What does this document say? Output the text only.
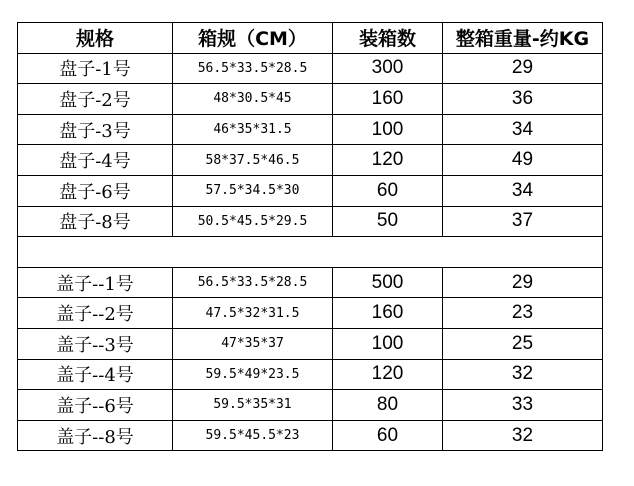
规格	箱规（CM）	装箱数	整箱重量-约KG
盘子-1号	56.5*33.5*28.5	300	29
盘子-2号	48*30.5*45	160	36
盘子-3号	46*35*31.5	100	34
盘子-4号	58*37.5*46.5	120	49
盘子-6号	57.5*34.5*30	60	34
盘子-8号	50.5*45.5*29.5	50	37

盖子--1号	56.5*33.5*28.5	500	29
盖子--2号	47.5*32*31.5	160	23
盖子--3号	47*35*37	100	25
盖子--4号	59.5*49*23.5	120	32
盖子--6号	59.5*35*31	80	33
盖子--8号	59.5*45.5*23	60	32
